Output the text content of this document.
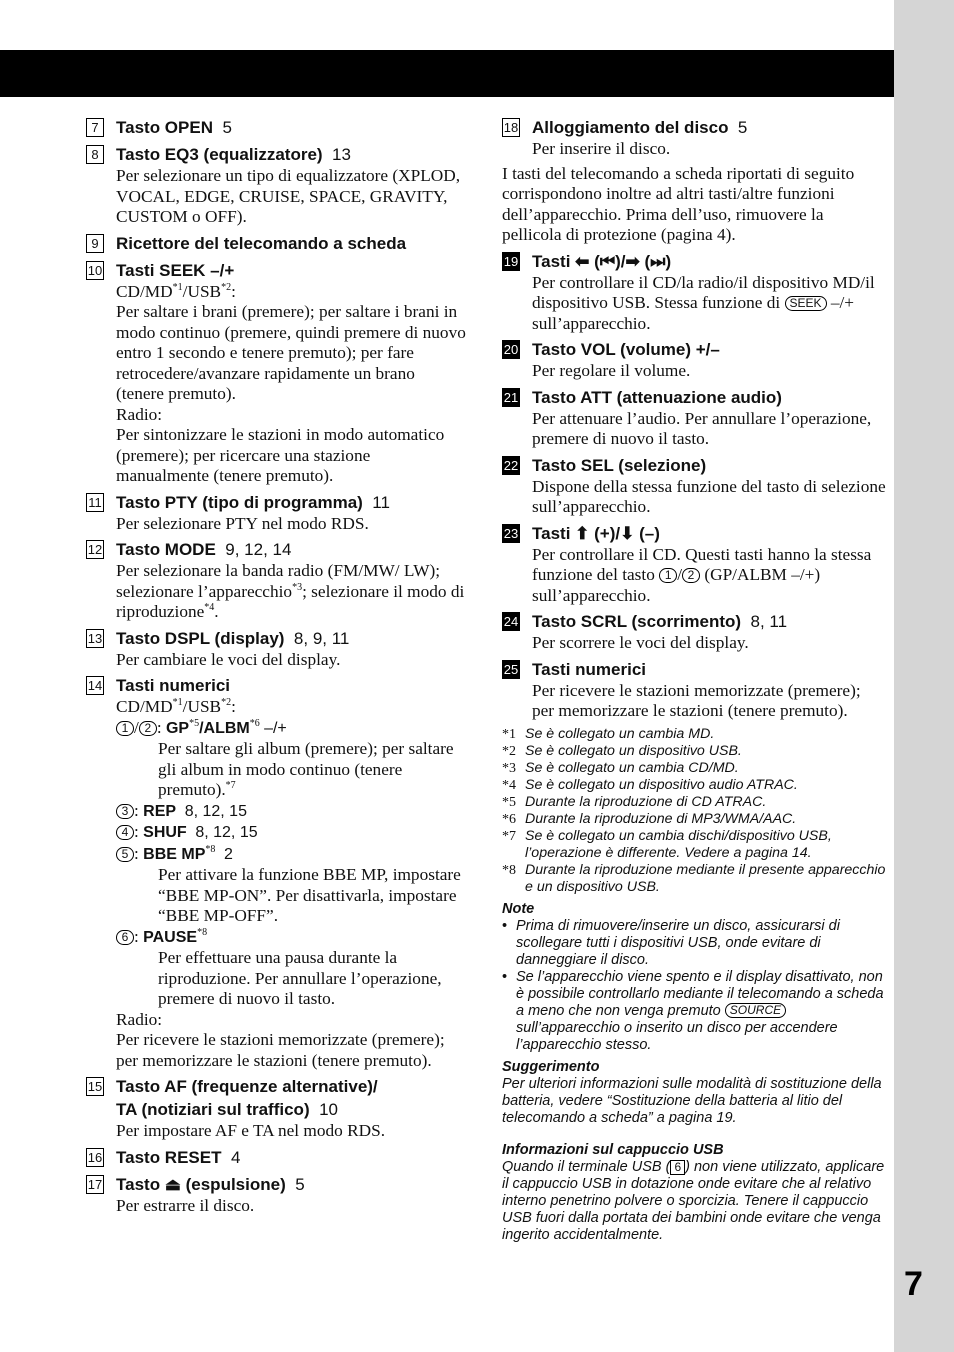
7
7	Tasto OPEN 5
8	Tasto EQ3 (equalizzatore) 13
Per selezionare un tipo di equalizzatore (XPLOD, VOCAL, EDGE, CRUISE, SPACE, GRAVITY, CUSTOM o OFF).
9	Ricettore del telecomando a scheda
10 Tasti SEEK –/+
$CD/MD^{*1}/USB^{*2}$:
Per saltare i brani (premere); per saltare i brani in modo continuo (premere, quindi premere di nuovo entro 1 secondo e tenere premuto); per fare retrocedere/avanzare rapidamente un brano (tenere premuto).
Radio:
Per sintonizzare le stazioni in modo automatico (premere); per ricercare una stazione manualmente (tenere premuto).
11 Tasto PTY (tipo di programma) 11
Per selezionare PTY nel modo RDS.
12 Tasto MODE 9, 12, 14
Per selezionare la banda radio (FM/MW/ LW); selezionare l’apparecchio$^{*3}$; selezionare il modo di riproduzione$^{*4}$.
13 Tasto DSPL (display) 8, 9, 11
Per cambiare le voci del display.
14 Tasti numerici
CD/MD$^{*1}$/USB$^{*2}$:
1 / 2 : GP$^{*5}$/ALBM$^{*6}$ –/+
Per saltare gli album (premere); per saltare gli album in modo continuo (tenere premuto).$^{*7}$
3 : REP 8, 12, 15
4 : SHUF 8, 12, 15
5 : BBE MP$^{*8}$ 2
Per attivare la funzione BBE MP, impostare “BBE MP-ON”. Per disattivarla, impostare “BBE MP-OFF”.
6 : PAUSE$^{*8}$
Per effettuare una pausa durante la riproduzione. Per annullare l’operazione, premere di nuovo il tasto.
Radio:
Per ricevere le stazioni memorizzate (premere); per memorizzare le stazioni (tenere premuto).
15 Tasto AF (frequenze alternative)/
TA (notiziari sul traffico) 10
Per impostare AF e TA nel modo RDS.
16 Tasto RESET 4
17 Tasto ⏏ (espulsione) 5
Per estrarre il disco.
18 Alloggiamento del disco 5
Per inserire il disco.
I tasti del telecomando a scheda riportati di seguito corrispondono inoltre ad altri tasti/altre funzioni dell’apparecchio. Prima dell’uso, rimuovere la pellicola di protezione (pagina 4).
19 Tasti ⬅ (⏮)/➡ (⏭)
Per controllare il CD/la radio/il dispositivo MD/il dispositivo USB. Stessa funzione di SEEK –/+ sull’apparecchio.
20 Tasto VOL (volume) +/–
Per regolare il volume.
21 Tasto ATT (attenuazione audio)
Per attenuare l’audio. Per annullare l’operazione, premere di nuovo il tasto.
22 Tasto SEL (selezione)
Dispone della stessa funzione del tasto di selezione sull’apparecchio.
23 Tasti ⬆ (+)/⬇ (–)
Per controllare il CD. Questi tasti hanno la stessa funzione del tasto 1 / 2 (GP/ALBM –/+) sull’apparecchio.
24 Tasto SCRL (scorrimento) 8, 11
Per scorrere le voci del display.
25 Tasti numerici
Per ricevere le stazioni memorizzate (premere); per memorizzare le stazioni (tenere premuto).
*1 Se è collegato un cambia MD.
*2 Se è collegato un dispositivo USB.
*3 Se è collegato un cambia CD/MD.
*4 Se è collegato un dispositivo audio ATRAC.
*5 Durante la riproduzione di CD ATRAC.
*6 Durante la riproduzione di MP3/WMA/AAC.
*7 Se è collegato un cambia dischi/dispositivo USB, l’operazione è differente. Vedere a pagina 14.
*8 Durante la riproduzione mediante il presente apparecchio e un dispositivo USB.
Note
• Prima di rimuovere/inserire un disco, assicurarsi di scollegare tutti i dispositivi USB, onde evitare di danneggiare il disco.
• Se l’apparecchio viene spento e il display disattivato, non è possibile controllarlo mediante il telecomando a scheda a meno che non venga premuto SOURCE sull’apparecchio o inserito un disco per accendere l’apparecchio stesso.
Suggerimento
Per ulteriori informazioni sulle modalità di sostituzione della batteria, vedere “Sostituzione della batteria al litio del telecomando a scheda” a pagina 19.
Informazioni sul cappuccio USB
Quando il terminale USB ( 6 ) non viene utilizzato, applicare il cappuccio USB in dotazione onde evitare che al relativo interno penetrino polvere o sporcizia. Tenere il cappuccio USB fuori dalla portata dei bambini onde evitare che venga ingerito accidentalmente.
